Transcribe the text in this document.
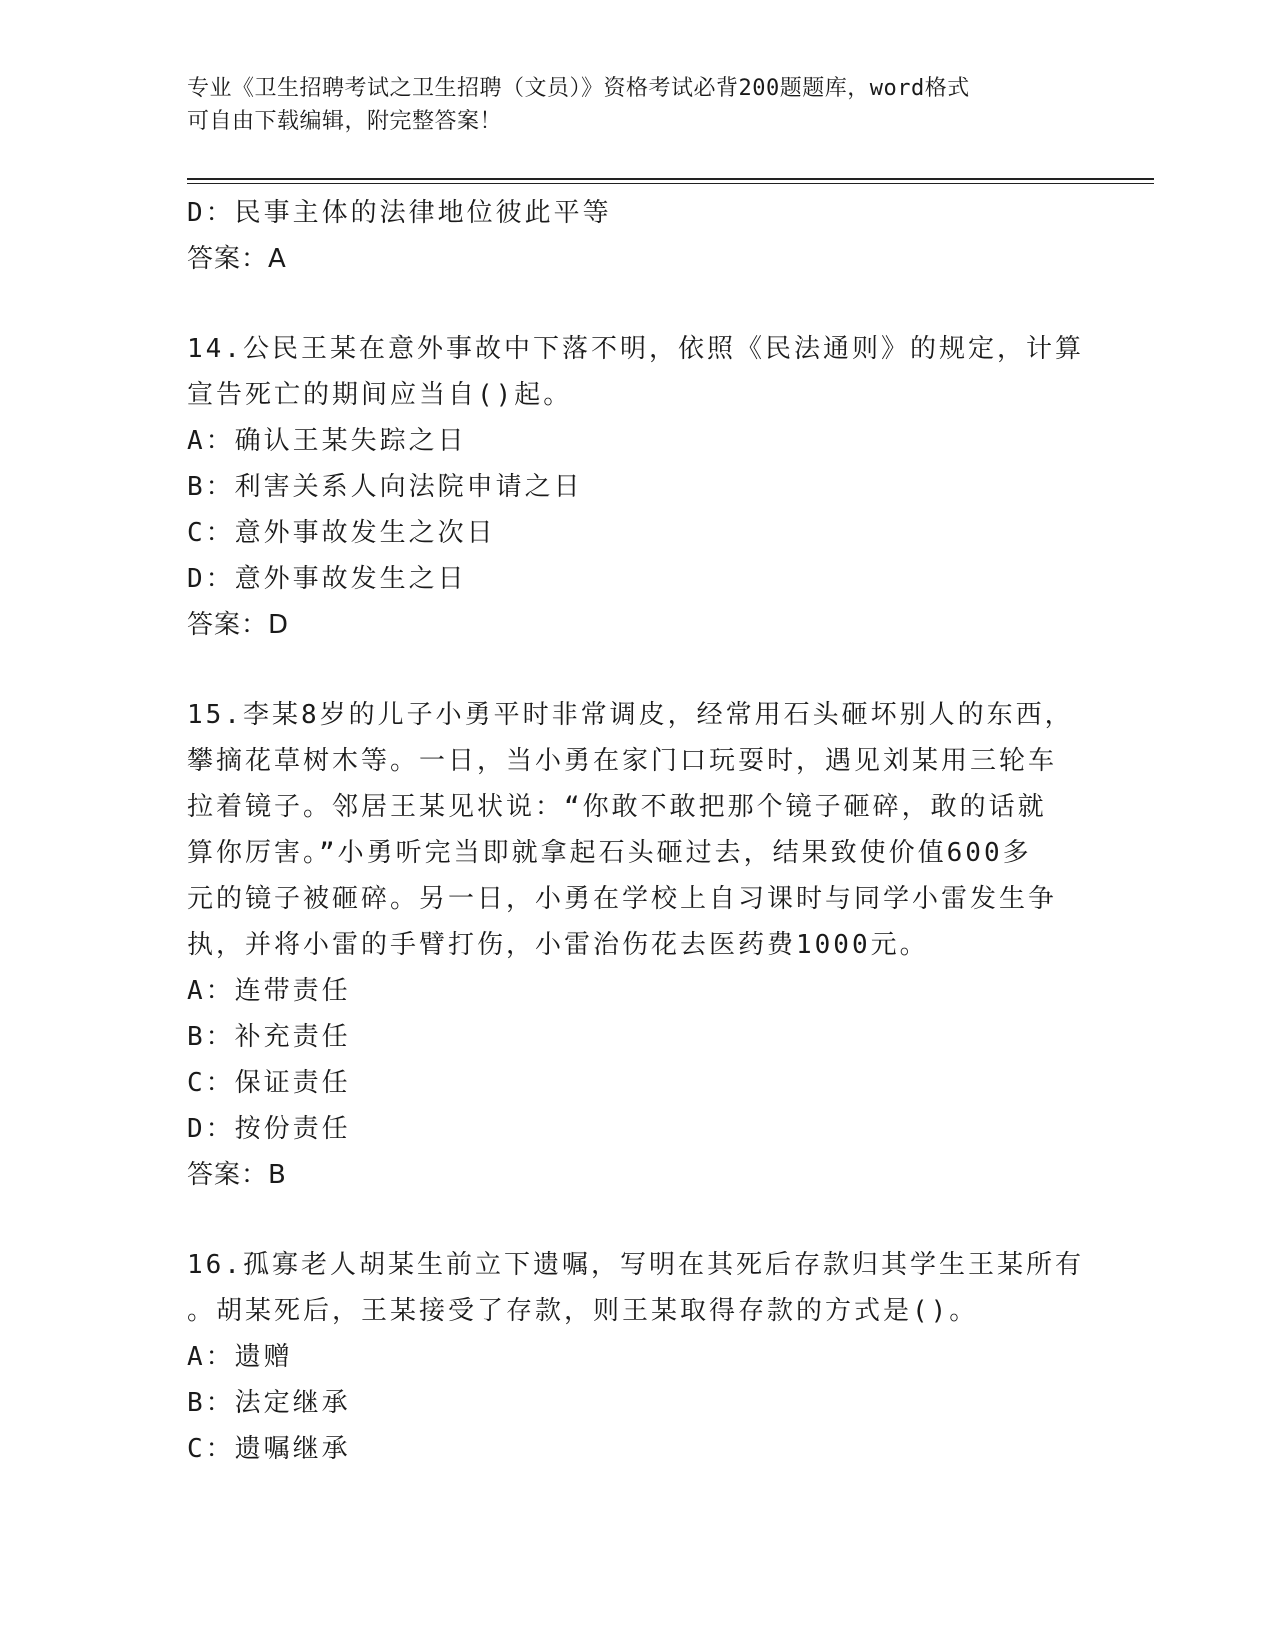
专业《卫生招聘考试之卫生招聘（文员）》资格考试必背200题题库，word格式
可自由下载编辑，附完整答案！
D：民事主体的法律地位彼此平等
答案：A
14.公民王某在意外事故中下落不明，依照《民法通则》的规定，计算
宣告死亡的期间应当自()起。
A：确认王某失踪之日
B：利害关系人向法院申请之日
C：意外事故发生之次日
D：意外事故发生之日
答案：D
15.李某8岁的儿子小勇平时非常调皮，经常用石头砸坏别人的东西，
攀摘花草树木等。一日，当小勇在家门口玩耍时，遇见刘某用三轮车
拉着镜子。邻居王某见状说：“你敢不敢把那个镜子砸碎，敢的话就
算你厉害。”小勇听完当即就拿起石头砸过去，结果致使价值600多
元的镜子被砸碎。另一日，小勇在学校上自习课时与同学小雷发生争
执，并将小雷的手臂打伤，小雷治伤花去医药费1000元。
A：连带责任
B：补充责任
C：保证责任
D：按份责任
答案：B
16.孤寡老人胡某生前立下遗嘱，写明在其死后存款归其学生王某所有
。胡某死后，王某接受了存款，则王某取得存款的方式是()。
A：遗赠
B：法定继承
C：遗嘱继承
